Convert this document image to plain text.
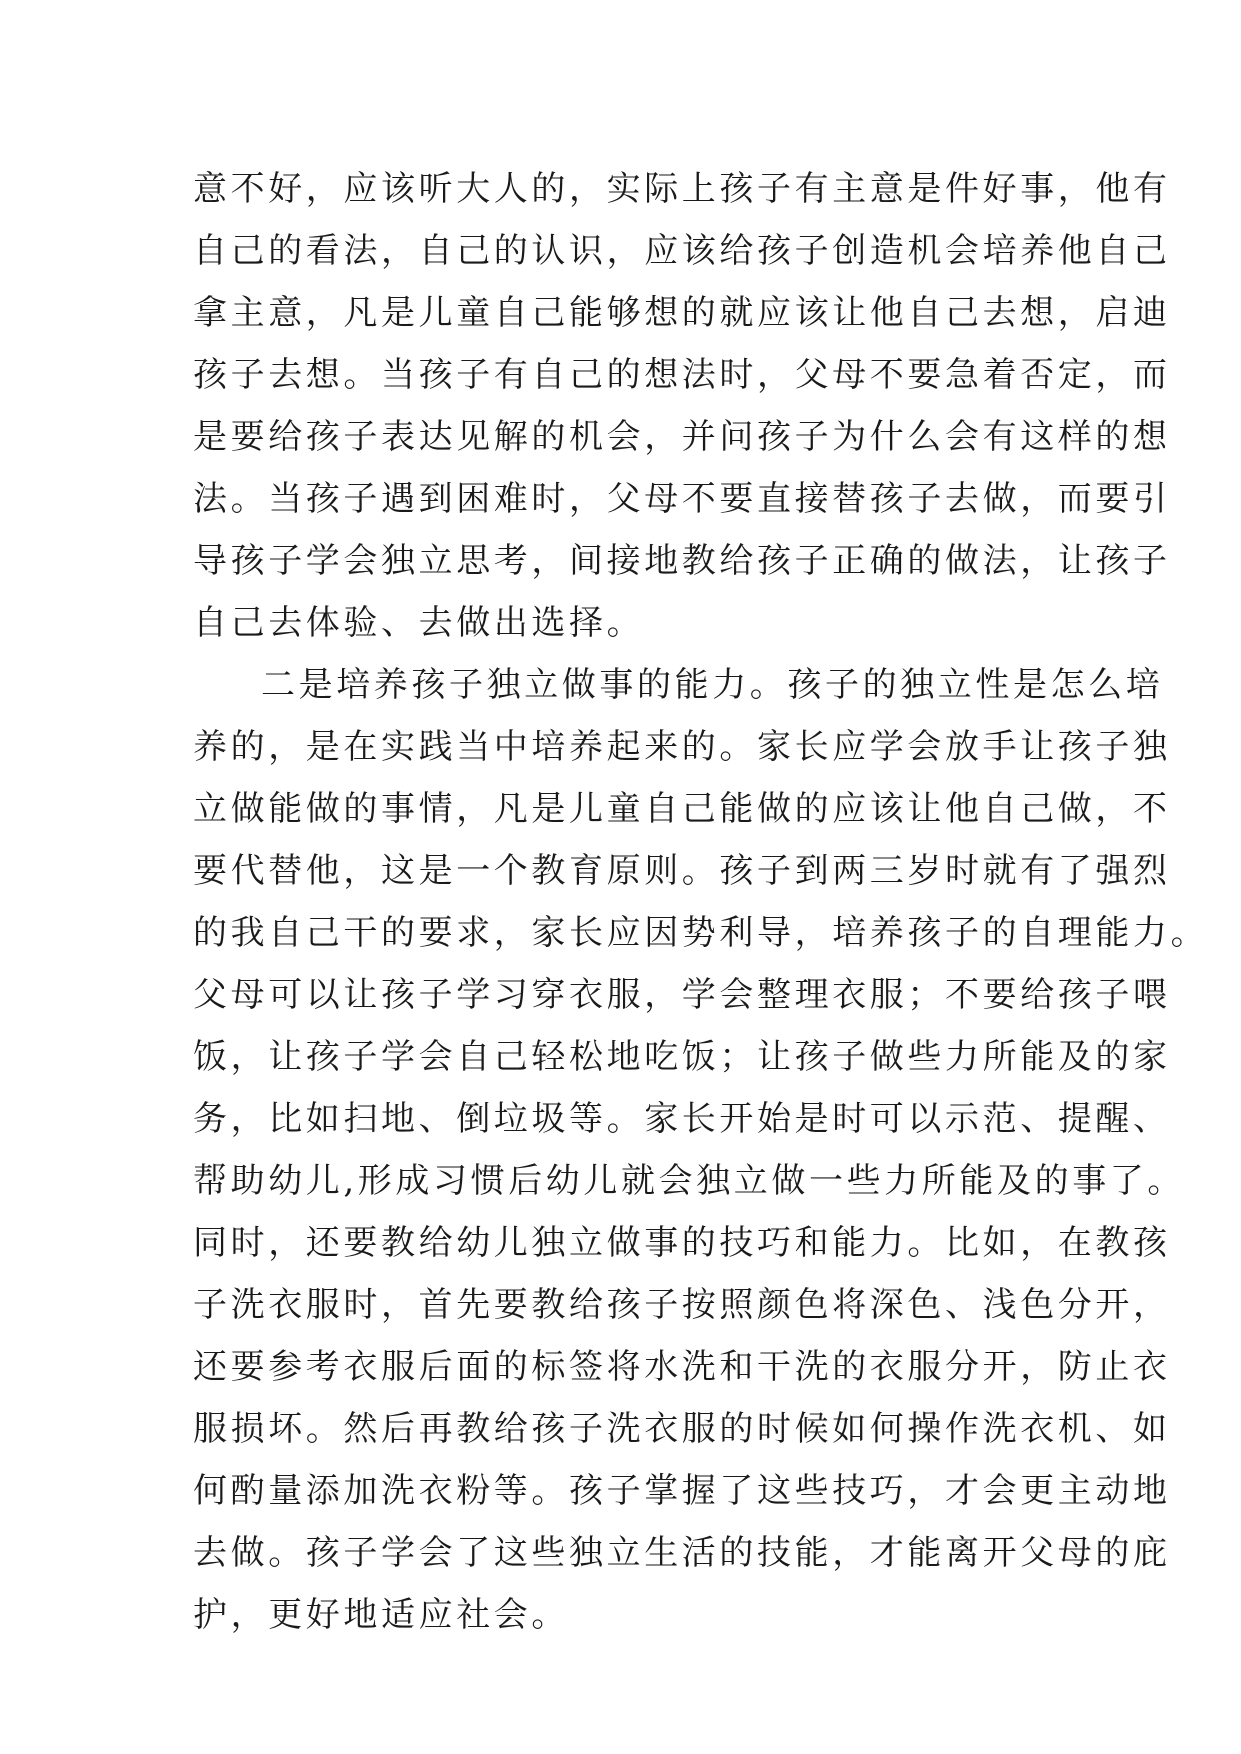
意不好，应该听大人的，实际上孩子有主意是件好事，他有
自己的看法，自己的认识，应该给孩子创造机会培养他自己
拿主意，凡是儿童自己能够想的就应该让他自己去想，启迪
孩子去想。当孩子有自己的想法时，父母不要急着否定，而
是要给孩子表达见解的机会，并问孩子为什么会有这样的想
法。当孩子遇到困难时，父母不要直接替孩子去做，而要引
导孩子学会独立思考，间接地教给孩子正确的做法，让孩子
自己去体验、去做出选择。
二是培养孩子独立做事的能力。孩子的独立性是怎么培
养的，是在实践当中培养起来的。家长应学会放手让孩子独
立做能做的事情，凡是儿童自己能做的应该让他自己做，不
要代替他，这是一个教育原则。孩子到两三岁时就有了强烈
的我自己干的要求，家长应因势利导，培养孩子的自理能力。
父母可以让孩子学习穿衣服，学会整理衣服；不要给孩子喂
饭，让孩子学会自己轻松地吃饭；让孩子做些力所能及的家
务，比如扫地、倒垃圾等。家长开始是时可以示范、提醒、
帮助幼儿,形成习惯后幼儿就会独立做一些力所能及的事了。
同时，还要教给幼儿独立做事的技巧和能力。比如，在教孩
子洗衣服时，首先要教给孩子按照颜色将深色、浅色分开，
还要参考衣服后面的标签将水洗和干洗的衣服分开，防止衣
服损坏。然后再教给孩子洗衣服的时候如何操作洗衣机、如
何酌量添加洗衣粉等。孩子掌握了这些技巧，才会更主动地
去做。孩子学会了这些独立生活的技能，才能离开父母的庇
护，更好地适应社会。
